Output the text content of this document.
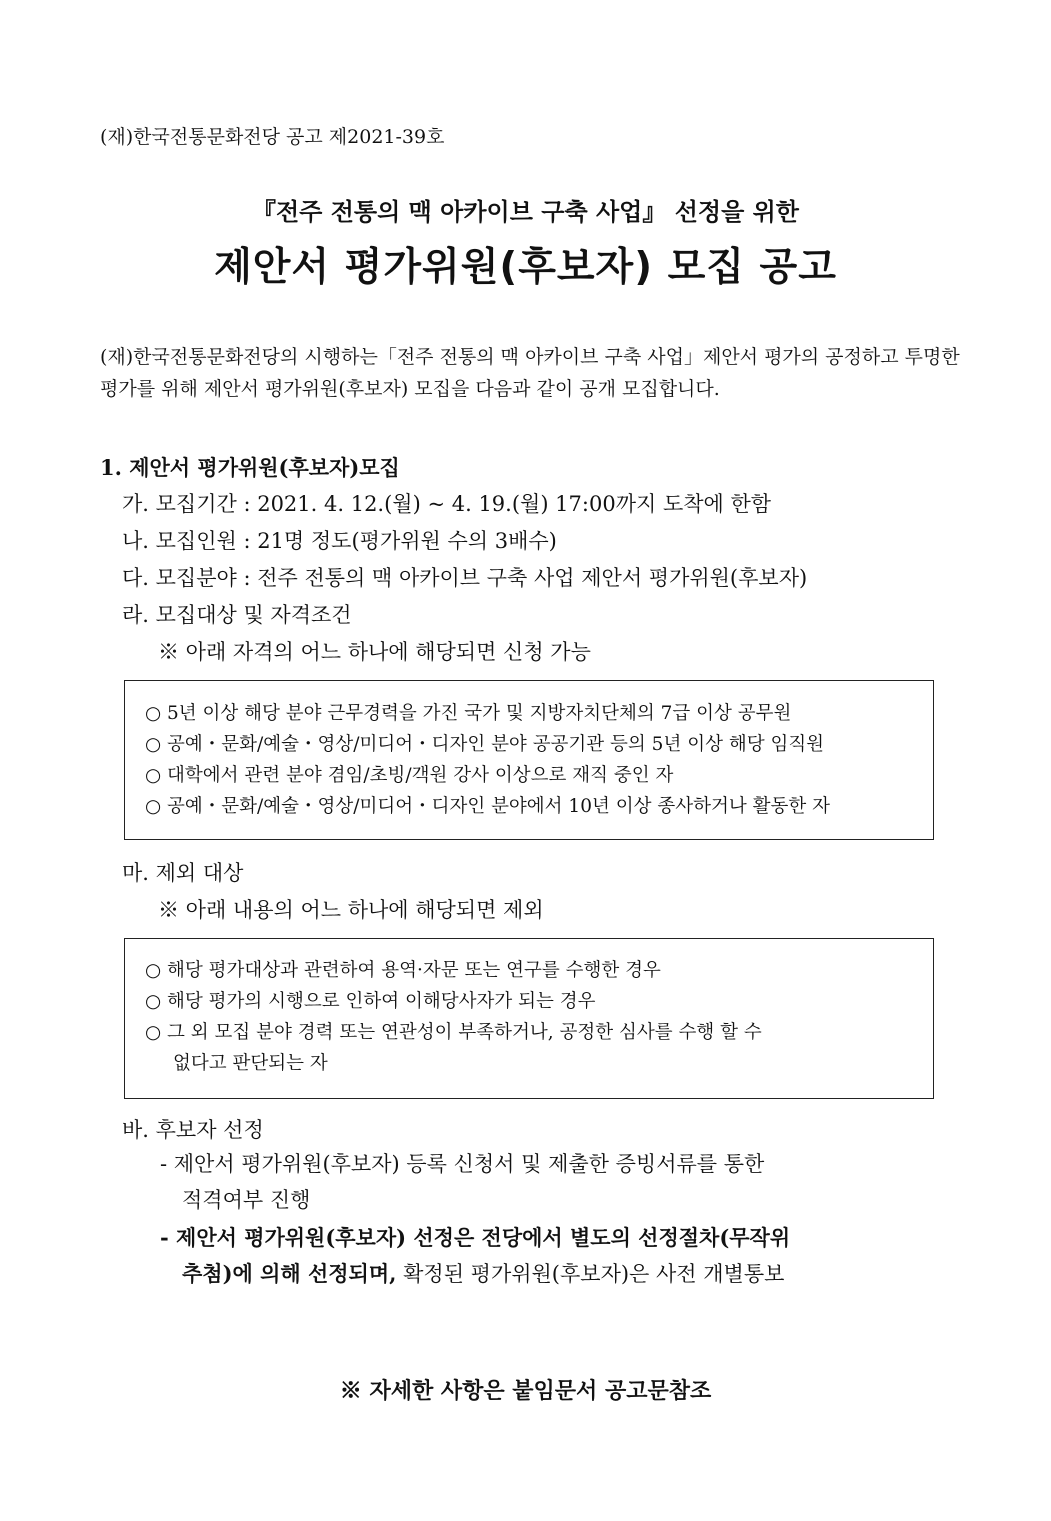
(재)한국전통문화전당 공고 제2021-39호
『전주 전통의 맥 아카이브 구축 사업』 선정을 위한
제안서 평가위원(후보자) 모집 공고
(재)한국전통문화전당의 시행하는「전주 전통의 맥 아카이브 구축 사업」제안서 평가의 공정하고 투명한 평가를 위해 제안서 평가위원(후보자) 모집을 다음과 같이 공개 모집합니다.
1. 제안서 평가위원(후보자)모집
가. 모집기간 : 2021. 4. 12.(월) ~ 4. 19.(월) 17:00까지 도착에 한함
나. 모집인원 : 21명 정도(평가위원 수의 3배수)
다. 모집분야 : 전주 전통의 맥 아카이브 구축 사업 제안서 평가위원(후보자)
라. 모집대상 및 자격조건
※ 아래 자격의 어느 하나에 해당되면 신청 가능
○ 5년 이상 해당 분야 근무경력을 가진 국가 및 지방자치단체의 7급 이상 공무원
○ 공예・문화/예술・영상/미디어・디자인 분야 공공기관 등의 5년 이상 해당 임직원
○ 대학에서 관련 분야 겸임/초빙/객원 강사 이상으로 재직 중인 자
○ 공예・문화/예술・영상/미디어・디자인 분야에서 10년 이상 종사하거나 활동한 자
마. 제외 대상
※ 아래 내용의 어느 하나에 해당되면 제외
○ 해당 평가대상과 관련하여 용역·자문 또는 연구를 수행한 경우
○ 해당 평가의 시행으로 인하여 이해당사자가 되는 경우
○ 그 외 모집 분야 경력 또는 연관성이 부족하거나, 공정한 심사를 수행 할 수
없다고 판단되는 자
바. 후보자 선정
- 제안서 평가위원(후보자) 등록 신청서 및 제출한 증빙서류를 통한
적격여부 진행
- 제안서 평가위원(후보자) 선정은 전당에서 별도의 선정절차(무작위
추첨)에 의해 선정되며, 확정된 평가위원(후보자)은 사전 개별통보
※ 자세한 사항은 붙임문서 공고문참조
